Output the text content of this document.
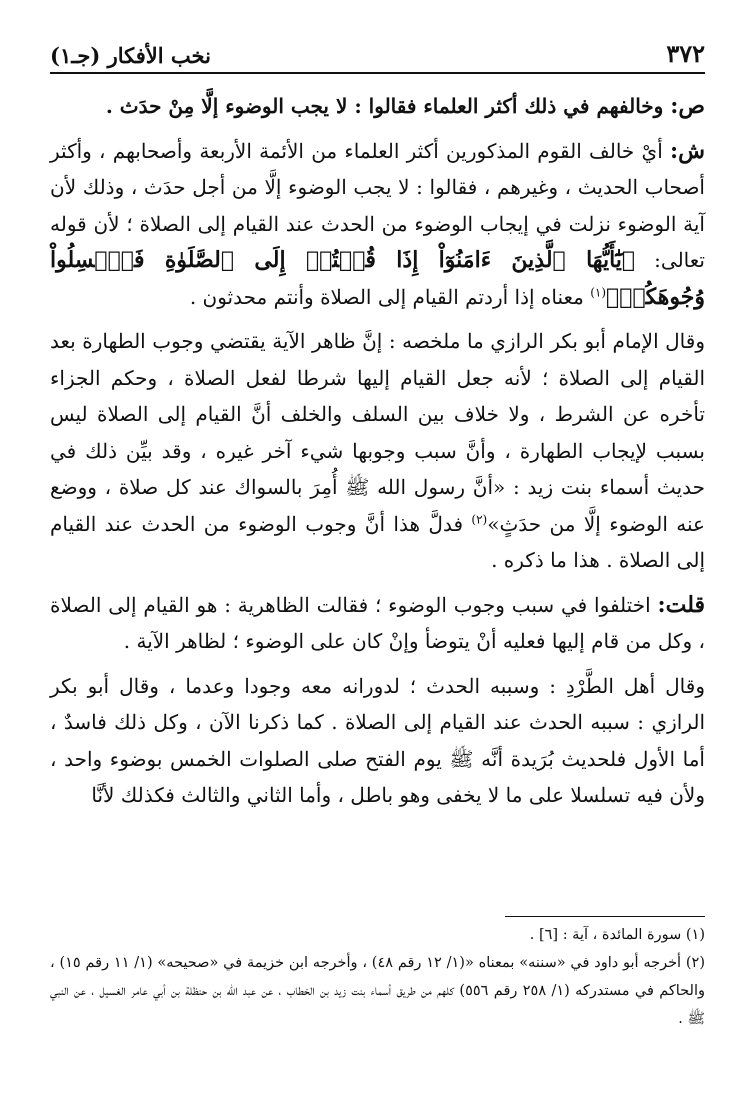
٣٧٢
نخب الأفكار (جـ١)

ص: وخالفهم في ذلك أكثر العلماء فقالوا : لا يجب الوضوء إلَّا مِنْ حدَث .

ش: أيْ خالف القوم المذكورين أكثر العلماء من الأئمة الأربعة وأصحابهم ، وأكثر أصحاب الحديث ، وغيرهم ، فقالوا : لا يجب الوضوء إلَّا من أجل حدَث ، وذلك لأن آية الوضوء نزلت في إيجاب الوضوء من الحدث عند القيام إلى الصلاة ؛ لأن قوله تعالى: ﴿يَٰٓأَيُّهَا ٱلَّذِينَ ءَامَنُوٓاْ إِذَا قُمۡتُمۡ إِلَى ٱلصَّلَوٰةِ فَٱغۡسِلُواْ وُجُوهَكُمۡ﴾$^{(١)}$ معناه إذا أردتم القيام إلى الصلاة وأنتم محدثون .

وقال الإمام أبو بكر الرازي ما ملخصه : إنَّ ظاهر الآية يقتضي وجوب الطهارة بعد القيام إلى الصلاة ؛ لأنه جعل القيام إليها شرطا لفعل الصلاة ، وحكم الجزاء تأخره عن الشرط ، ولا خلاف بين السلف والخلف أنَّ القيام إلى الصلاة ليس بسبب لإيجاب الطهارة ، وأنَّ سبب وجوبها شيء آخر غيره ، وقد بيِّن ذلك في حديث أسماء بنت زيد : «أنَّ رسول الله ﷺ أُمِرَ بالسواك عند كل صلاة ، ووضع عنه الوضوء إلَّا من حدَثٍ»$^{(٢)}$ فدلَّ هذا أنَّ وجوب الوضوء من الحدث عند القيام إلى الصلاة . هذا ما ذكره .

قلت: اختلفوا في سبب وجوب الوضوء ؛ فقالت الظاهرية : هو القيام إلى الصلاة ، وكل من قام إليها فعليه أنْ يتوضأ وإنْ كان على الوضوء ؛ لظاهر الآية .

وقال أهل الطَّرْدِ : وسببه الحدث ؛ لدورانه معه وجودا وعدما ، وقال أبو بكر الرازي : سببه الحدث عند القيام إلى الصلاة . كما ذكرنا الآن ، وكل ذلك فاسدٌ ، أما الأول فلحديث بُرَيدة أنَّه ﷺ يوم الفتح صلى الصلوات الخمس بوضوء واحد ، ولأن فيه تسلسلا على ما لا يخفى وهو باطل ، وأما الثاني والثالث فكذلك لأنَّا

(١) سورة المائدة ، آية : [٦] .

(٢) أخرجه أبو داود في «سننه» بمعناه «(١/ ١٢ رقم ٤٨) ، وأخرجه ابن خزيمة في «صحيحه» (١/ ١١ رقم ١٥) ، والحاكم في مستدركه (١/ ٢٥٨ رقم ٥٥٦) كلهم من طريق أسماء بنت زيد بن الخطاب ، عن عبد الله بن حنظلة بن أبي عامر الغسيل ، عن النبي ﷺ .
